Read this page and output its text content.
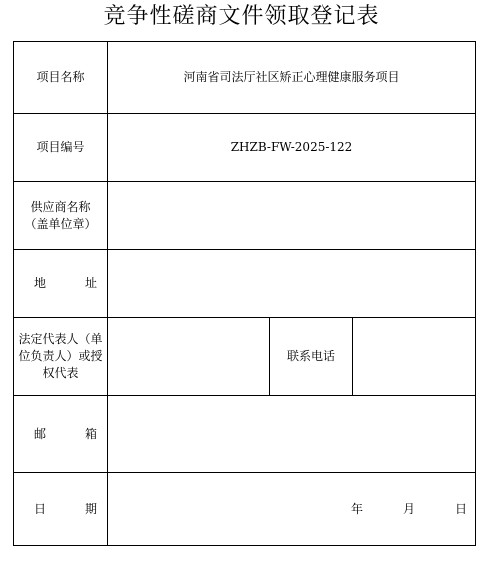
竞争性磋商文件领取登记表
项目名称	河南省司法厅社区矫正心理健康服务项目		
项目编号	ZHZB-FW-2025-122		

供应商名称
（盖单位章）			

地 址			

法定代表人（单位负责人）或授权代表		联系电话	

邮 箱			

日 期	年 月 日		
